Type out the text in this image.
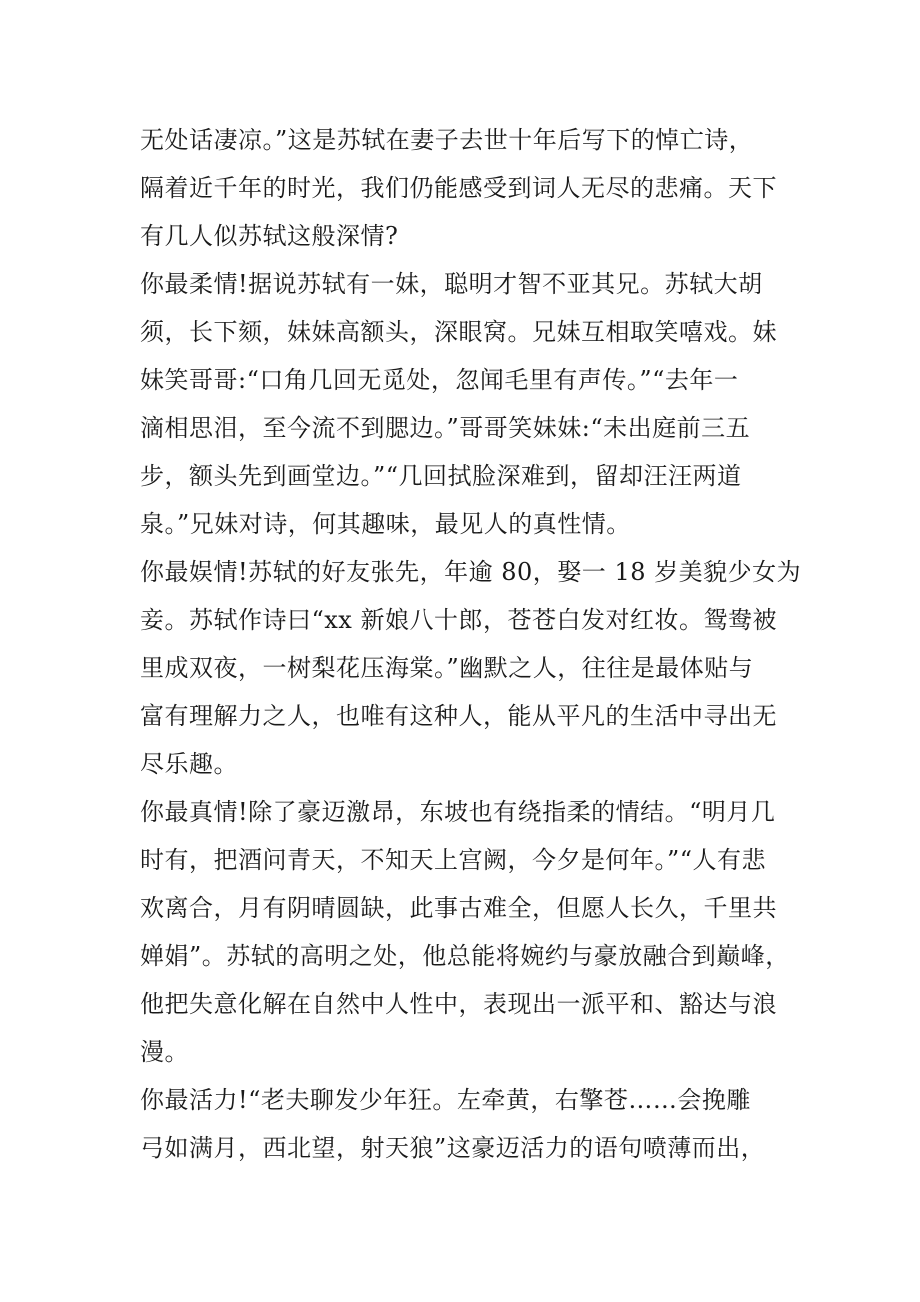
无处话凄凉。”这是苏轼在妻子去世十年后写下的悼亡诗，
隔着近千年的时光，我们仍能感受到词人无尽的悲痛。天下
有几人似苏轼这般深情?
你最柔情!据说苏轼有一妹，聪明才智不亚其兄。苏轼大胡
须，长下颏，妹妹高额头，深眼窝。兄妹互相取笑嘻戏。妹
妹笑哥哥:“口角几回无觅处，忽闻毛里有声传。”“去年一
滴相思泪，至今流不到腮边。”哥哥笑妹妹:“未出庭前三五
步，额头先到画堂边。”“几回拭脸深难到，留却汪汪两道
泉。”兄妹对诗，何其趣味，最见人的真性情。
你最娱情!苏轼的好友张先，年逾 80，娶一 18 岁美貌少女为
妾。苏轼作诗曰“xx 新娘八十郎，苍苍白发对红妆。鸳鸯被
里成双夜，一树梨花压海棠。”幽默之人，往往是最体贴与
富有理解力之人，也唯有这种人，能从平凡的生活中寻出无
尽乐趣。
你最真情!除了豪迈激昂，东坡也有绕指柔的情结。“明月几
时有，把酒问青天，不知天上宫阙，今夕是何年。”“人有悲
欢离合，月有阴晴圆缺，此事古难全，但愿人长久，千里共
婵娟”。苏轼的高明之处，他总能将婉约与豪放融合到巅峰，
他把失意化解在自然中人性中，表现出一派平和、豁达与浪
漫。
你最活力!“老夫聊发少年狂。左牵黄，右擎苍……会挽雕
弓如满月，西北望，射天狼”这豪迈活力的语句喷薄而出，
